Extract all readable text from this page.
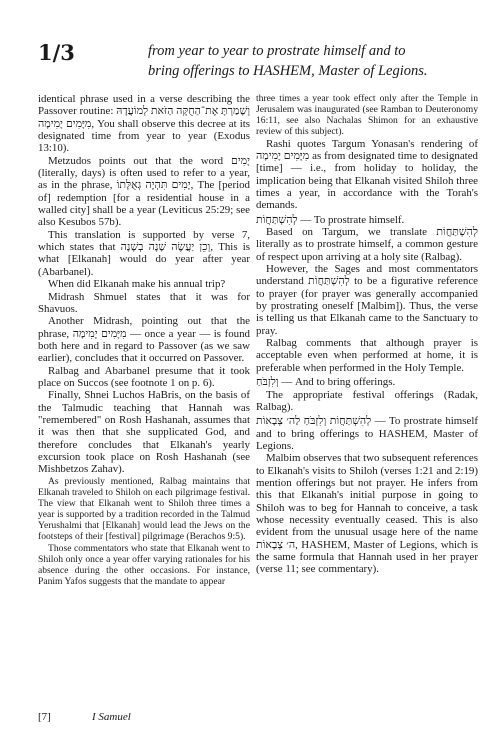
1/3	from year to year to prostrate himself and to
bring offerings to HASHEM, Master of Legions.

identical phrase used in a verse describing the Passover routine: וְשָׁמַרְתָּ אֶת־הַחֻקָּה הַזֹּאת לְמוֹעֲדָהּ מִיָּמִים יָמִימָה, You shall observe this decree at its designated time from year to year (Exodus 13:10).

Metzudos points out that the word יָמִים (literally, days) is often used to refer to a year, as in the phrase, יָמִים תִּהְיֶה גְאֻלָּתוֹ, The [period of] redemption [for a residential house in a walled city] shall be a year (Leviticus 25:29; see also Kesubos 57b).

This translation is supported by verse 7, which states that וְכֵן יַעֲשֶׂה שָׁנָה בְשָׁנָה, This is what [Elkanah] would do year after year (Abarbanel).

When did Elkanah make his annual trip?

Midrash Shmuel states that it was for Shavuos.

Another Midrash, pointing out that the phrase, מִיָּמִים יָמִימָה — once a year — is found both here and in regard to Passover (as we saw earlier), concludes that it occurred on Passover.

Ralbag and Abarbanel presume that it took place on Succos (see footnote 1 on p. 6).

Finally, Shnei Luchos HaBris, on the basis of the Talmudic teaching that Hannah was "remembered" on Rosh Hashanah, assumes that it was then that she supplicated God, and therefore concludes that Elkanah's yearly excursion took place on Rosh Hashanah (see Mishbetzos Zahav).

As previously mentioned, Ralbag maintains that Elkanah traveled to Shiloh on each pilgrimage festival. The view that Elkanah went to Shiloh three times a year is supported by a tradition recorded in the Talmud Yerushalmi that [Elkanah] would lead the Jews on the footsteps of their [festival] pilgrimage (Berachos 9:5).

Those commentators who state that Elkanah went to Shiloh only once a year offer varying rationales for his absence during the other occasions. For instance, Panim Yafos suggests that the mandate to appear

three times a year took effect only after the Temple in Jerusalem was inaugurated (see Ramban to Deuteronomy 16:11, see also Nachalas Shimon for an exhaustive review of this subject).

Rashi quotes Targum Yonasan's rendering of מִיָּמִים יָמִימָה as from designated time to designated [time] — i.e., from holiday to holiday, the implication being that Elkanah visited Shiloh three times a year, in accordance with the Torah's demands.

לְהִשְׁתַּחֲוֹת — To prostrate himself.

Based on Targum, we translate לְהִשְׁתַּחֲוֹת literally as to prostrate himself, a common gesture of respect upon arriving at a holy site (Ralbag).

However, the Sages and most commentators understand לְהִשְׁתַּחֲוֹת to be a figurative reference to prayer (for prayer was generally accompanied by prostrating oneself [Malbim]). Thus, the verse is telling us that Elkanah came to the Sanctuary to pray.

Ralbag comments that although prayer is acceptable even when performed at home, it is preferable when performed in the Holy Temple.

וְלִזְבֹּחַ — And to bring offerings.

The appropriate festival offerings (Radak, Ralbag).

לְהִשְׁתַּחֲוֹת וְלִזְבֹּחַ לַה׳ צְבָאוֹת — To prostrate himself and to bring offerings to HASHEM, Master of Legions.

Malbim observes that two subsequent references to Elkanah's visits to Shiloh (verses 1:21 and 2:19) mention offerings but not prayer. He infers from this that Elkanah's initial purpose in going to Shiloh was to beg for Hannah to conceive, a task whose necessity eventually ceased. This is also evident from the unusual usage here of the name ה׳ צְבָאוֹת, HASHEM, Master of Legions, which is the same formula that Hannah used in her prayer (verse 11; see commentary).

[7]	I Samuel
